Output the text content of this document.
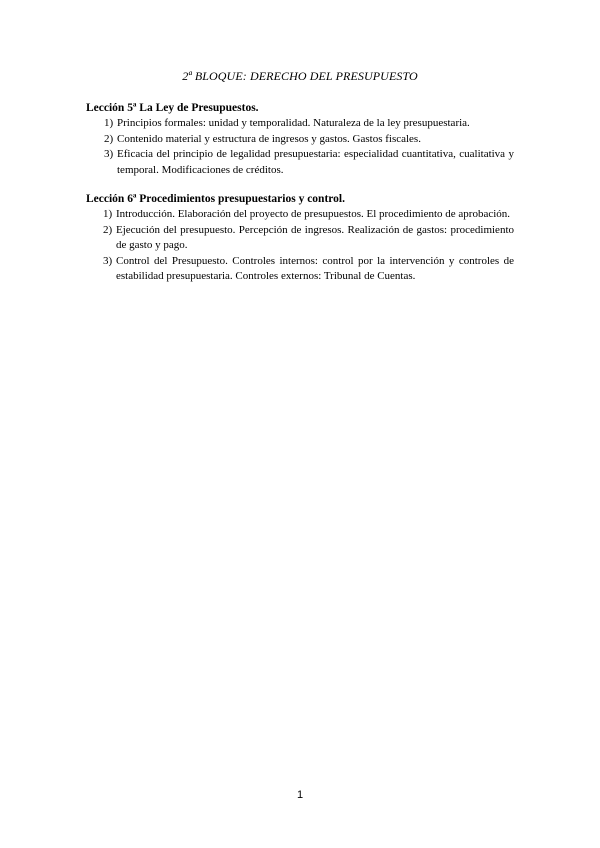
2ª BLOQUE: DERECHO DEL PRESUPUESTO

Lección 5ª La Ley de Presupuestos.

1) Principios formales: unidad y temporalidad. Naturaleza de la ley presupuestaria.
2) Contenido material y estructura de ingresos y gastos. Gastos fiscales.
3) Eficacia del principio de legalidad presupuestaria: especialidad cuantitativa, cualitativa y temporal. Modificaciones de créditos.

Lección 6ª Procedimientos presupuestarios y control.

1) Introducción. Elaboración del proyecto de presupuestos. El procedimiento de aprobación.
2) Ejecución del presupuesto. Percepción de ingresos. Realización de gastos: procedimiento de gasto y pago.
3) Control del Presupuesto. Controles internos: control por la intervención y controles de estabilidad presupuestaria. Controles externos: Tribunal de Cuentas.
1
